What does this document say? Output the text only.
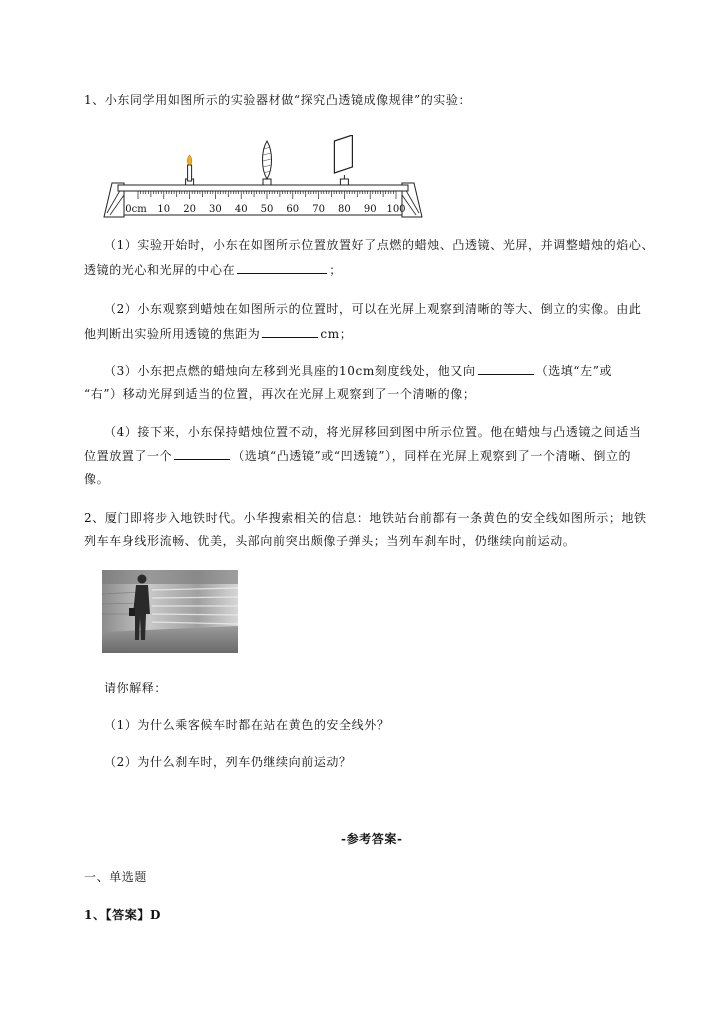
1、小东同学用如图所示的实验器材做“探究凸透镜成像规律”的实验：
0cm 10 20 30 40 50 60 70 80 90 100
（1）实验开始时，小东在如图所示位置放置好了点燃的蜡烛、凸透镜、光屏，并调整蜡烛的焰心、
透镜的光心和光屏的中心在	；
（2）小东观察到蜡烛在如图所示的位置时，可以在光屏上观察到清晰的等大、倒立的实像。由此
他判断出实验所用透镜的焦距为	cm；
（3）小东把点燃的蜡烛向左移到光具座的10cm刻度线处，他又向	（选填“左”或
“右”）移动光屏到适当的位置，再次在光屏上观察到了一个清晰的像；
（4）接下来，小东保持蜡烛位置不动，将光屏移回到图中所示位置。他在蜡烛与凸透镜之间适当
位置放置了一个	（选填“凸透镜”或“凹透镜”），同样在光屏上观察到了一个清晰、倒立的
像。
2、厦门即将步入地铁时代。小华搜索相关的信息：地铁站台前都有一条黄色的安全线如图所示；地铁
列车车身线形流畅、优美，头部向前突出颇像子弹头；当列车刹车时，仍继续向前运动。
请你解释：
（1）为什么乘客候车时都在站在黄色的安全线外？
（2）为什么刹车时，列车仍继续向前运动？
-参考答案-
一、单选题
1、【答案】D
